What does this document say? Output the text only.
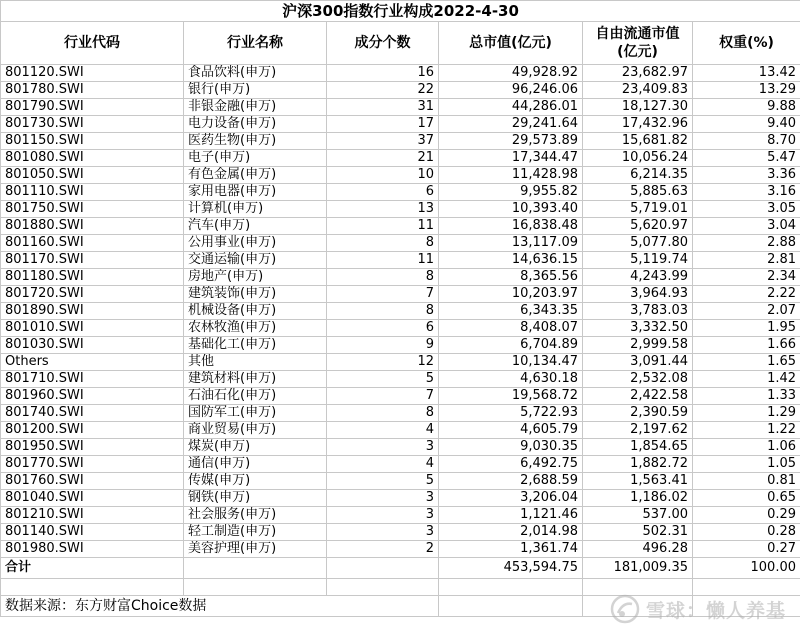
沪深300指数行业构成2022-4-30					
行业代码	行业名称	成分个数	总市值(亿元)	自由流通市值(亿元)	权重(%)
801120.SWI	食品饮料(申万)	16	49,928.92	23,682.97	13.42
801780.SWI	银行(申万)	22	96,246.06	23,409.83	13.29
801790.SWI	非银金融(申万)	31	44,286.01	18,127.30	9.88
801730.SWI	电力设备(申万)	17	29,241.64	17,432.96	9.40
801150.SWI	医药生物(申万)	37	29,573.89	15,681.82	8.70
801080.SWI	电子(申万)	21	17,344.47	10,056.24	5.47
801050.SWI	有色金属(申万)	10	11,428.98	6,214.35	3.36
801110.SWI	家用电器(申万)	6	9,955.82	5,885.63	3.16
801750.SWI	计算机(申万)	13	10,393.40	5,719.01	3.05
801880.SWI	汽车(申万)	11	16,838.48	5,620.97	3.04
801160.SWI	公用事业(申万)	8	13,117.09	5,077.80	2.88
801170.SWI	交通运输(申万)	11	14,636.15	5,119.74	2.81
801180.SWI	房地产(申万)	8	8,365.56	4,243.99	2.34
801720.SWI	建筑装饰(申万)	7	10,203.97	3,964.93	2.22
801890.SWI	机械设备(申万)	8	6,343.35	3,783.03	2.07
801010.SWI	农林牧渔(申万)	6	8,408.07	3,332.50	1.95
801030.SWI	基础化工(申万)	9	6,704.89	2,999.58	1.66
Others	其他	12	10,134.47	3,091.44	1.65
801710.SWI	建筑材料(申万)	5	4,630.18	2,532.08	1.42
801960.SWI	石油石化(申万)	7	19,568.72	2,422.58	1.33
801740.SWI	国防军工(申万)	8	5,722.93	2,390.59	1.29
801200.SWI	商业贸易(申万)	4	4,605.79	2,197.62	1.22
801950.SWI	煤炭(申万)	3	9,030.35	1,854.65	1.06
801770.SWI	通信(申万)	4	6,492.75	1,882.72	1.05
801760.SWI	传媒(申万)	5	2,688.59	1,563.41	0.81
801040.SWI	钢铁(申万)	3	3,206.04	1,186.02	0.65
801210.SWI	社会服务(申万)	3	1,121.46	537.00	0.29
801140.SWI	轻工制造(申万)	3	2,014.98	502.31	0.28
801980.SWI	美容护理(申万)	2	1,361.74	496.28	0.27
合计			453,594.75	181,009.35	100.00

数据来源：东方财富Choice数据						雪球：懒人养基
